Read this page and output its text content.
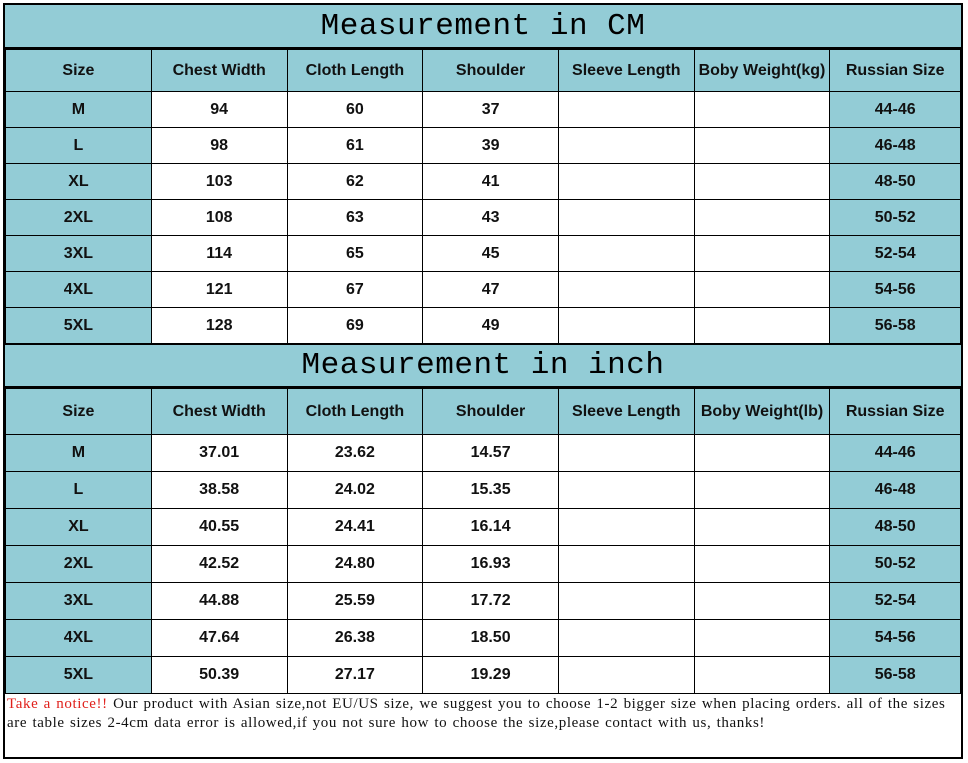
Measurement in CM
Size	Chest Width	Cloth Length	Shoulder	Sleeve Length	Boby Weight(kg)	Russian Size
M	94	60	37			44-46
L	98	61	39			46-48
XL	103	62	41			48-50
2XL	108	63	43			50-52
3XL	114	65	45			52-54
4XL	121	67	47			54-56
5XL	128	69	49			56-58
Measurement in inch
Size	Chest Width	Cloth Length	Shoulder	Sleeve Length	Boby Weight(lb)	Russian Size
M	37.01	23.62	14.57			44-46
L	38.58	24.02	15.35			46-48
XL	40.55	24.41	16.14			48-50
2XL	42.52	24.80	16.93			50-52
3XL	44.88	25.59	17.72			52-54
4XL	47.64	26.38	18.50			54-56
5XL	50.39	27.17	19.29			56-58
Take a notice!! Our product with Asian size,not EU/US size, we suggest you to choose 1-2 bigger size when placing orders. all of the sizes are table sizes 2-4cm data error is allowed,if you not sure how to choose the size,please contact with us, thanks!
